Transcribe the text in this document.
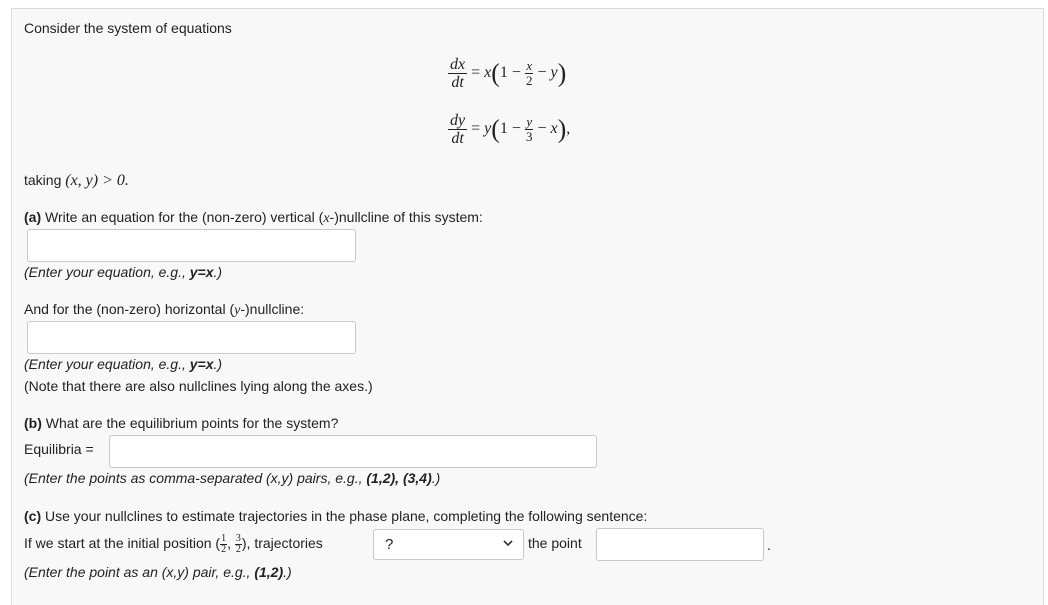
Consider the system of equations
$\frac{dx}{dt} = x(1 - \frac{x}{2} - y)$
$\frac{dy}{dt} = y(1 - \frac{y}{3} - x)$,
taking (x, y) > 0.
(a) Write an equation for the (non-zero) vertical (x-)nullcline of this system:
(Enter your equation, e.g., y=x.)
And for the (non-zero) horizontal (y-)nullcline:
(Enter your equation, e.g., y=x.)
(Note that there are also nullclines lying along the axes.)
(b) What are the equilibrium points for the system?
Equilibria =
(Enter the points as comma-separated (x,y) pairs, e.g., (1,2), (3,4).)
(c) Use your nullclines to estimate trajectories in the phase plane, completing the following sentence:
If we start at the initial position ( $\frac{1}{2}$ , $\frac{3}{2}$ ), trajectories	?	the point	.
(Enter the point as an (x,y) pair, e.g., (1,2).)
